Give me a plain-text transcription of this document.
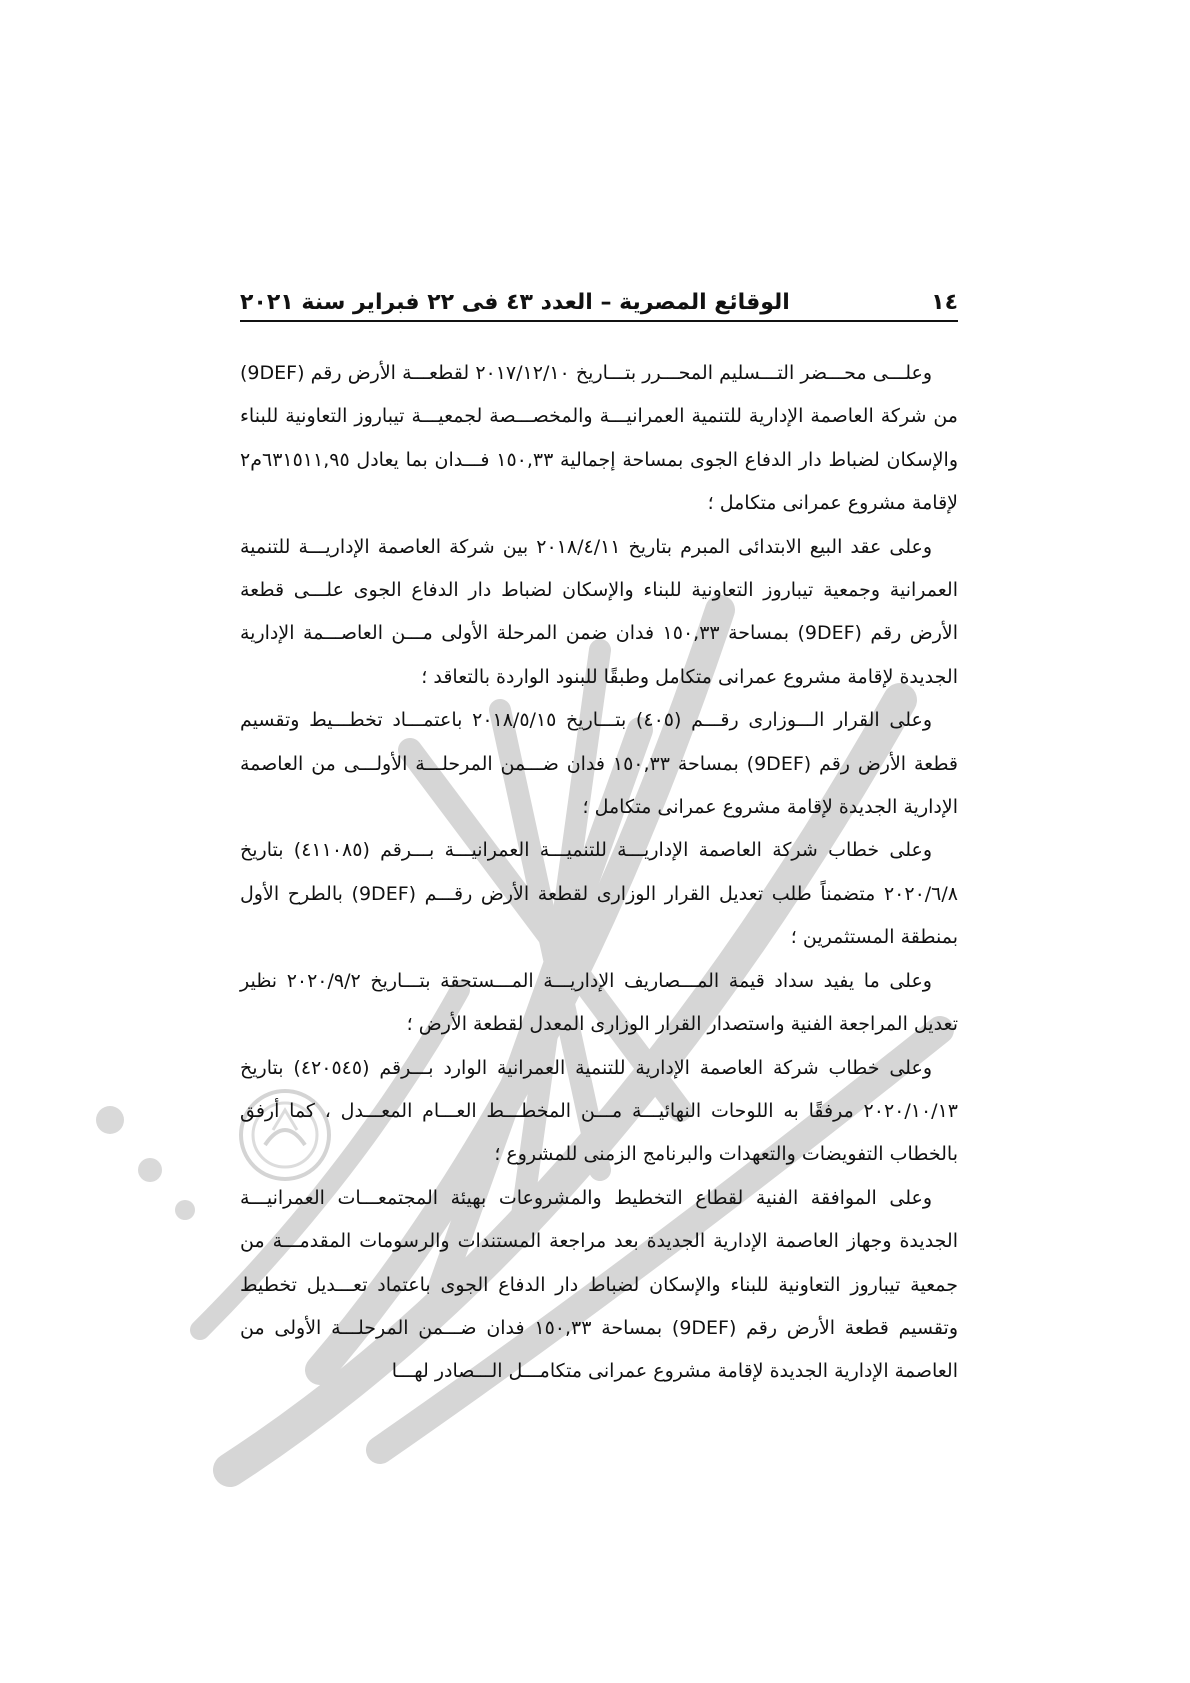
١٤
الوقائع المصرية – العدد ٤٣ فى ٢٢ فبراير سنة ٢٠٢١

وعلـــى محـــضر التـــسليم المحـــرر بتـــاريخ ٢٠١٧/١٢/١٠ لقطعـــة الأرض رقم (9DEF) من شركة العاصمة الإدارية للتنمية العمرانيـــة والمخصـــصة لجمعيـــة تيباروز التعاونية للبناء والإسكان لضباط دار الدفاع الجوى بمساحة إجمالية ١٥٠,٣٣ فـــدان بما يعادل ٦٣١٥١١,٩٥م٢ لإقامة مشروع عمرانى متكامل ؛

وعلى عقد البيع الابتدائى المبرم بتاريخ ٢٠١٨/٤/١١ بين شركة العاصمة الإداريـــة للتنمية العمرانية وجمعية تيباروز التعاونية للبناء والإسكان لضباط دار الدفاع الجوى علـــى قطعة الأرض رقم (9DEF) بمساحة ١٥٠,٣٣ فدان ضمن المرحلة الأولى مـــن العاصـــمة الإدارية الجديدة لإقامة مشروع عمرانى متكامل وطبقًا للبنود الواردة بالتعاقد ؛

وعلى القرار الـــوزارى رقـــم (٤٠٥) بتـــاريخ ٢٠١٨/٥/١٥ باعتمـــاد تخطـــيط وتقسيم قطعة الأرض رقم (9DEF) بمساحة ١٥٠,٣٣ فدان ضـــمن المرحلـــة الأولـــى من العاصمة الإدارية الجديدة لإقامة مشروع عمرانى متكامل ؛

وعلى خطاب شركة العاصمة الإداريـــة للتنميـــة العمرانيـــة بـــرقم (٤١١٠٨٥) بتاريخ ٢٠٢٠/٦/٨ متضمناً طلب تعديل القرار الوزارى لقطعة الأرض رقـــم (9DEF) بالطرح الأول بمنطقة المستثمرين ؛

وعلى ما يفيد سداد قيمة المـــصاريف الإداريـــة المـــستحقة بتـــاريخ ٢٠٢٠/٩/٢ نظير تعديل المراجعة الفنية واستصدار القرار الوزارى المعدل لقطعة الأرض ؛

وعلى خطاب شركة العاصمة الإدارية للتنمية العمرانية الوارد بـــرقم (٤٢٠٥٤٥) بتاريخ ٢٠٢٠/١٠/١٣ مرفقًا به اللوحات النهائيـــة مـــن المخطـــط العـــام المعـــدل ، كما أرفق بالخطاب التفويضات والتعهدات والبرنامج الزمنى للمشروع ؛

وعلى الموافقة الفنية لقطاع التخطيط والمشروعات بهيئة المجتمعـــات العمرانيـــة الجديدة وجهاز العاصمة الإدارية الجديدة بعد مراجعة المستندات والرسومات المقدمـــة من جمعية تيباروز التعاونية للبناء والإسكان لضباط دار الدفاع الجوى باعتماد تعـــديل تخطيط وتقسيم قطعة الأرض رقم (9DEF) بمساحة ١٥٠,٣٣ فدان ضـــمن المرحلـــة الأولى من العاصمة الإدارية الجديدة لإقامة مشروع عمرانى متكامـــل الـــصادر لهـــا
